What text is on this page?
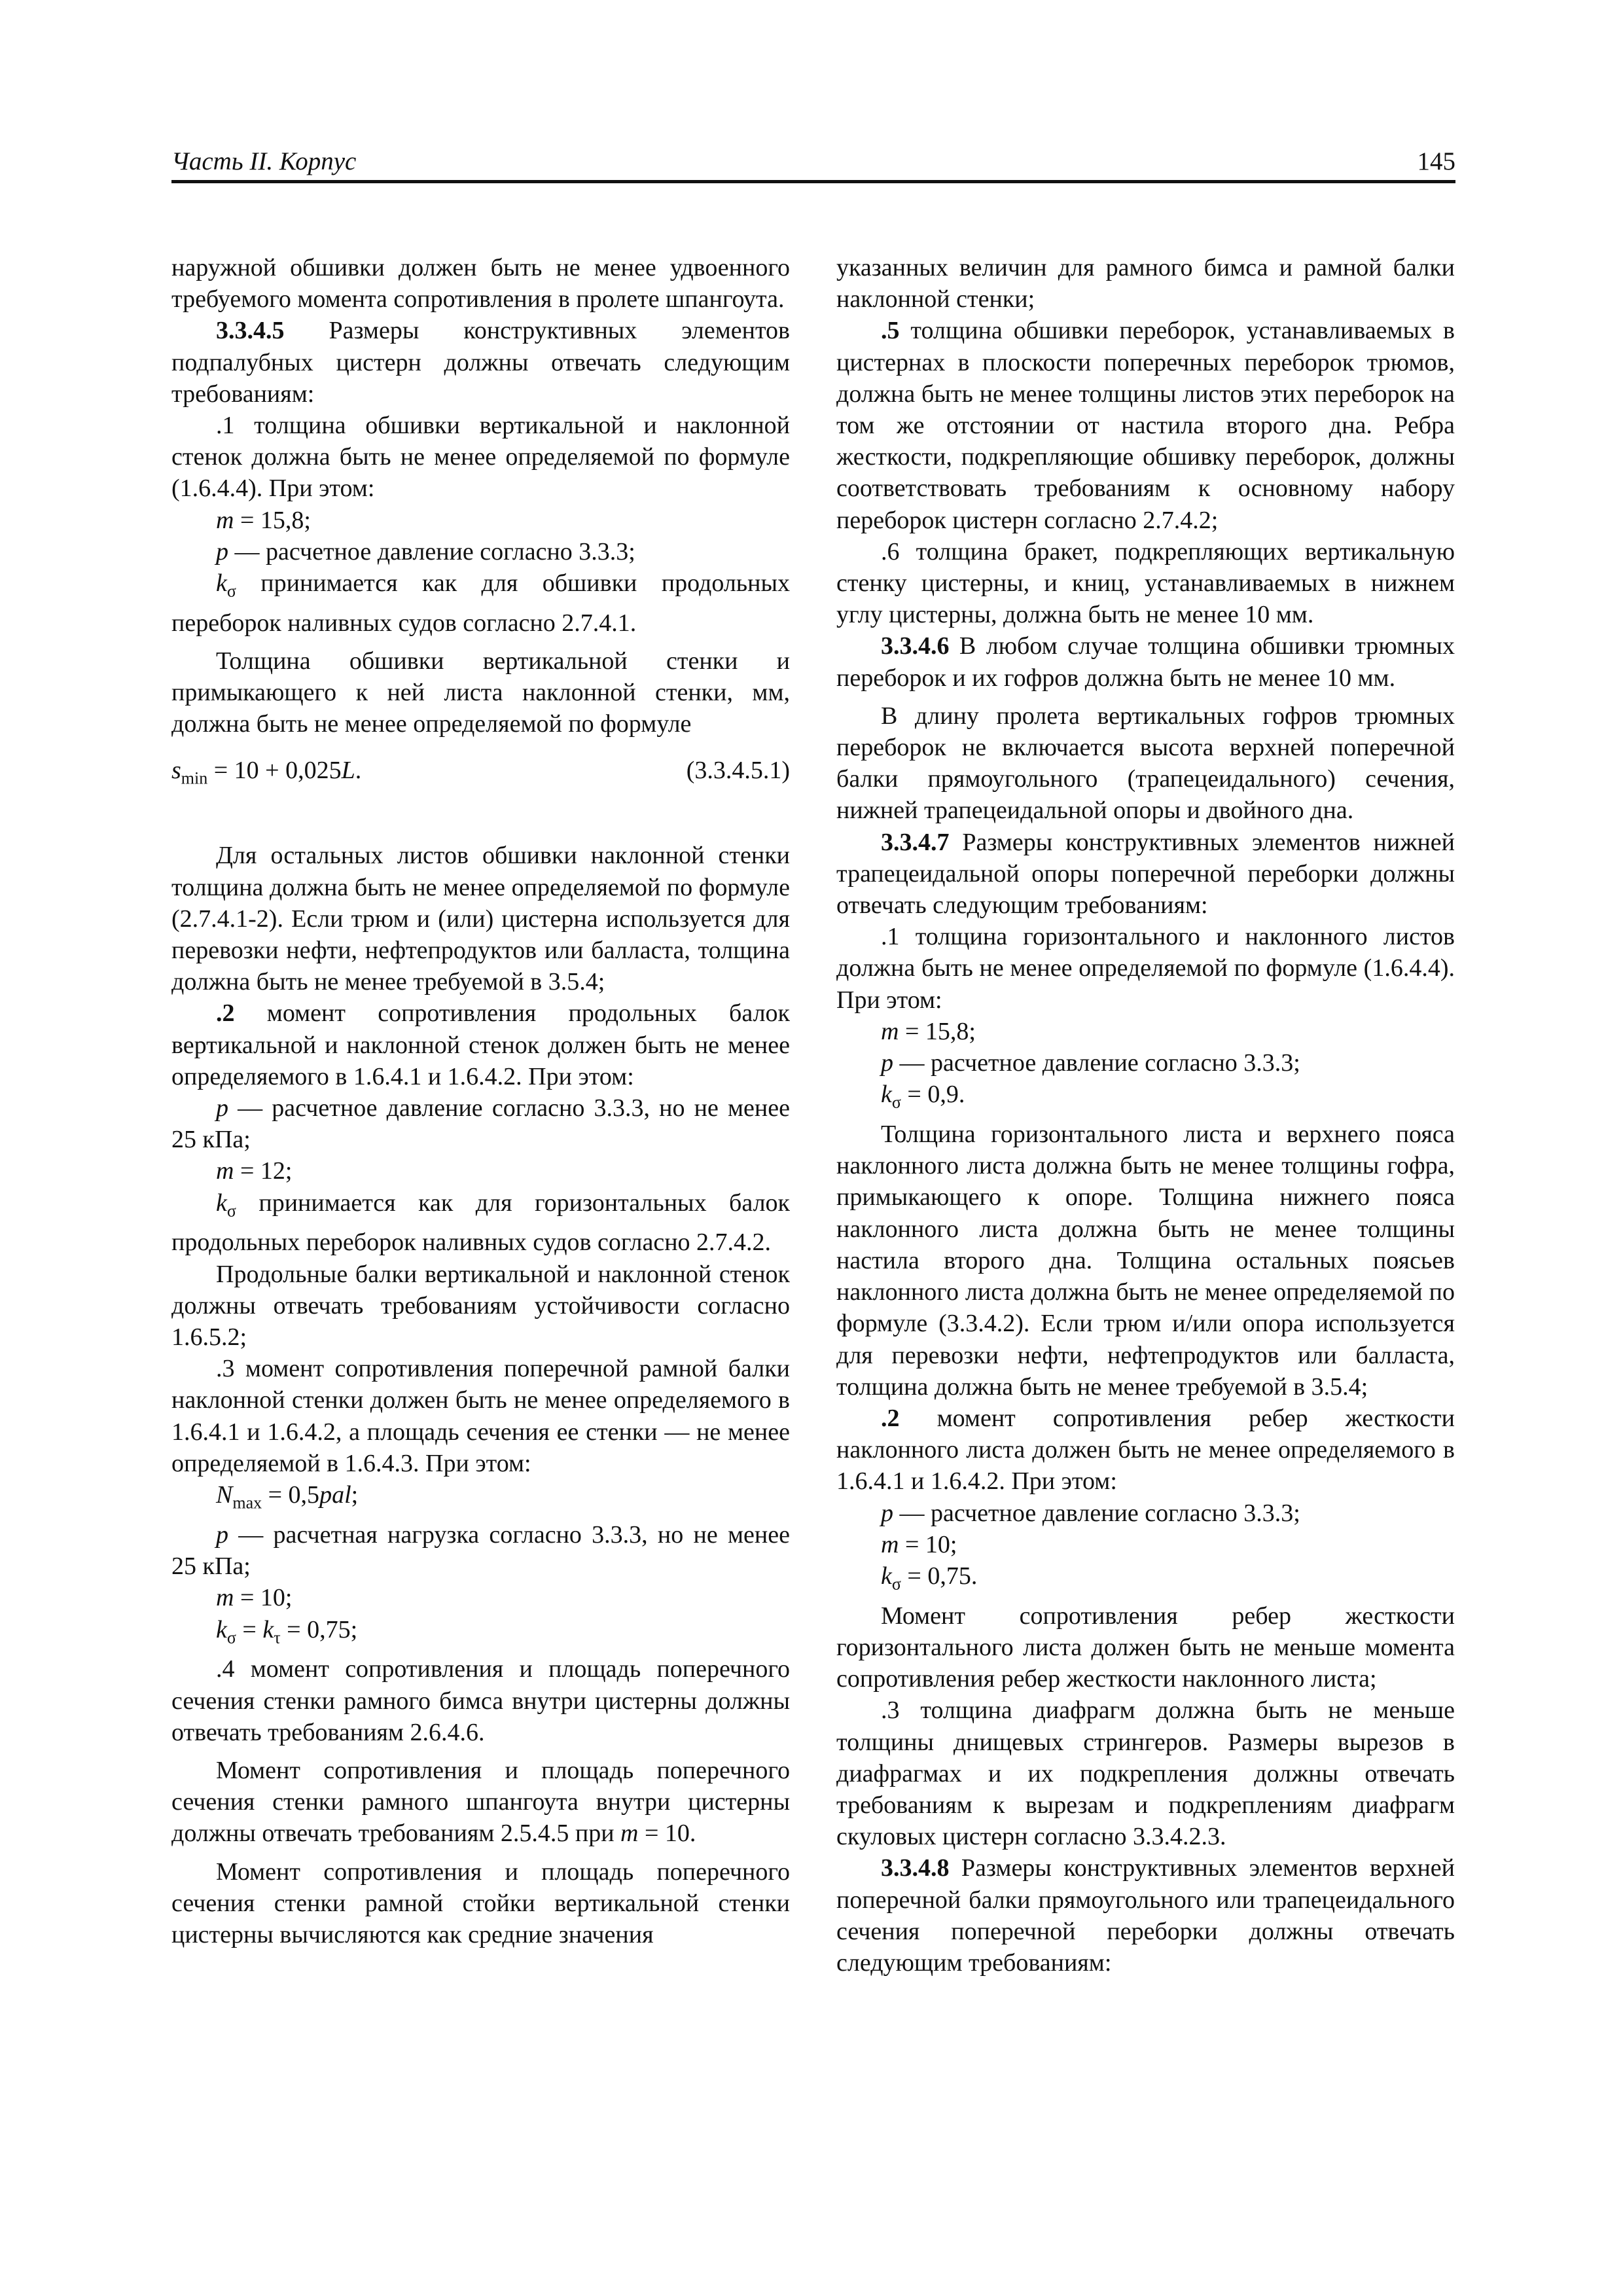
Часть II. Корпус	145

наружной обшивки должен быть не менее удвоенного требуемого момента сопротивления в пролете шпангоута.

3.3.4.5 Размеры конструктивных элементов подпалубных цистерн должны отвечать следующим требованиям:

.1 толщина обшивки вертикальной и наклонной стенок должна быть не менее определяемой по формуле (1.6.4.4). При этом:

m = 15,8;

p — расчетное давление согласно 3.3.3;

$k_\sigma$ принимается как для обшивки продольных переборок наливных судов согласно 2.7.4.1.

Толщина обшивки вертикальной стенки и примыкающего к ней листа наклонной стенки, мм, должна быть не менее определяемой по формуле

$s_{min} = 10 + 0,025L$.	(3.3.4.5.1)

Для остальных листов обшивки наклонной стенки толщина должна быть не менее определяемой по формуле (2.7.4.1-2). Если трюм и (или) цистерна используется для перевозки нефти, нефтепродуктов или балласта, толщина должна быть не менее требуемой в 3.5.4;

.2 момент сопротивления продольных балок вертикальной и наклонной стенок должен быть не менее определяемого в 1.6.4.1 и 1.6.4.2. При этом:

p — расчетное давление согласно 3.3.3, но не менее 25 кПа;

m = 12;

$k_\sigma$ принимается как для горизонтальных балок продольных переборок наливных судов согласно 2.7.4.2.

Продольные балки вертикальной и наклонной стенок должны отвечать требованиям устойчивости согласно 1.6.5.2;

.3 момент сопротивления поперечной рамной балки наклонной стенки должен быть не менее определяемого в 1.6.4.1 и 1.6.4.2, а площадь сечения ее стенки — не менее определяемой в 1.6.4.3. При этом:

$N_{max} = 0,5pal$;

p — расчетная нагрузка согласно 3.3.3, но не менее 25 кПа;

m = 10;

$k_\sigma = k_\tau = 0,75$;

.4 момент сопротивления и площадь поперечного сечения стенки рамного бимса внутри цистерны должны отвечать требованиям 2.6.4.6.

Момент сопротивления и площадь поперечного сечения стенки рамного шпангоута внутри цистерны должны отвечать требованиям 2.5.4.5 при m = 10.

Момент сопротивления и площадь поперечного сечения стенки рамной стойки вертикальной стенки цистерны вычисляются как средние значения

указанных величин для рамного бимса и рамной балки наклонной стенки;

.5 толщина обшивки переборок, устанавливаемых в цистернах в плоскости поперечных переборок трюмов, должна быть не менее толщины листов этих переборок на том же отстоянии от настила второго дна. Ребра жесткости, подкрепляющие обшивку переборок, должны соответствовать требованиям к основному набору переборок цистерн согласно 2.7.4.2;

.6 толщина бракет, подкрепляющих вертикальную стенку цистерны, и книц, устанавливаемых в нижнем углу цистерны, должна быть не менее 10 мм.

3.3.4.6 В любом случае толщина обшивки трюмных переборок и их гофров должна быть не менее 10 мм.

В длину пролета вертикальных гофров трюмных переборок не включается высота верхней поперечной балки прямоугольного (трапецеидального) сечения, нижней трапецеидальной опоры и двойного дна.

3.3.4.7 Размеры конструктивных элементов нижней трапецеидальной опоры поперечной переборки должны отвечать следующим требованиям:

.1 толщина горизонтального и наклонного листов должна быть не менее определяемой по формуле (1.6.4.4). При этом:

m = 15,8;

p — расчетное давление согласно 3.3.3;

$k_\sigma = 0,9$.

Толщина горизонтального листа и верхнего пояса наклонного листа должна быть не менее толщины гофра, примыкающего к опоре. Толщина нижнего пояса наклонного листа должна быть не менее толщины настила второго дна. Толщина остальных поясьев наклонного листа должна быть не менее определяемой по формуле (3.3.4.2). Если трюм и/или опора используется для перевозки нефти, нефтепродуктов или балласта, толщина должна быть не менее требуемой в 3.5.4;

.2 момент сопротивления ребер жесткости наклонного листа должен быть не менее определяемого в 1.6.4.1 и 1.6.4.2. При этом:

p — расчетное давление согласно 3.3.3;

m = 10;

$k_\sigma = 0,75$.

Момент сопротивления ребер жесткости горизонтального листа должен быть не меньше момента сопротивления ребер жесткости наклонного листа;

.3 толщина диафрагм должна быть не меньше толщины днищевых стрингеров. Размеры вырезов в диафрагмах и их подкрепления должны отвечать требованиям к вырезам и подкреплениям диафрагм скуловых цистерн согласно 3.3.4.2.3.

3.3.4.8 Размеры конструктивных элементов верхней поперечной балки прямоугольного или трапецеидального сечения поперечной переборки должны отвечать следующим требованиям:
